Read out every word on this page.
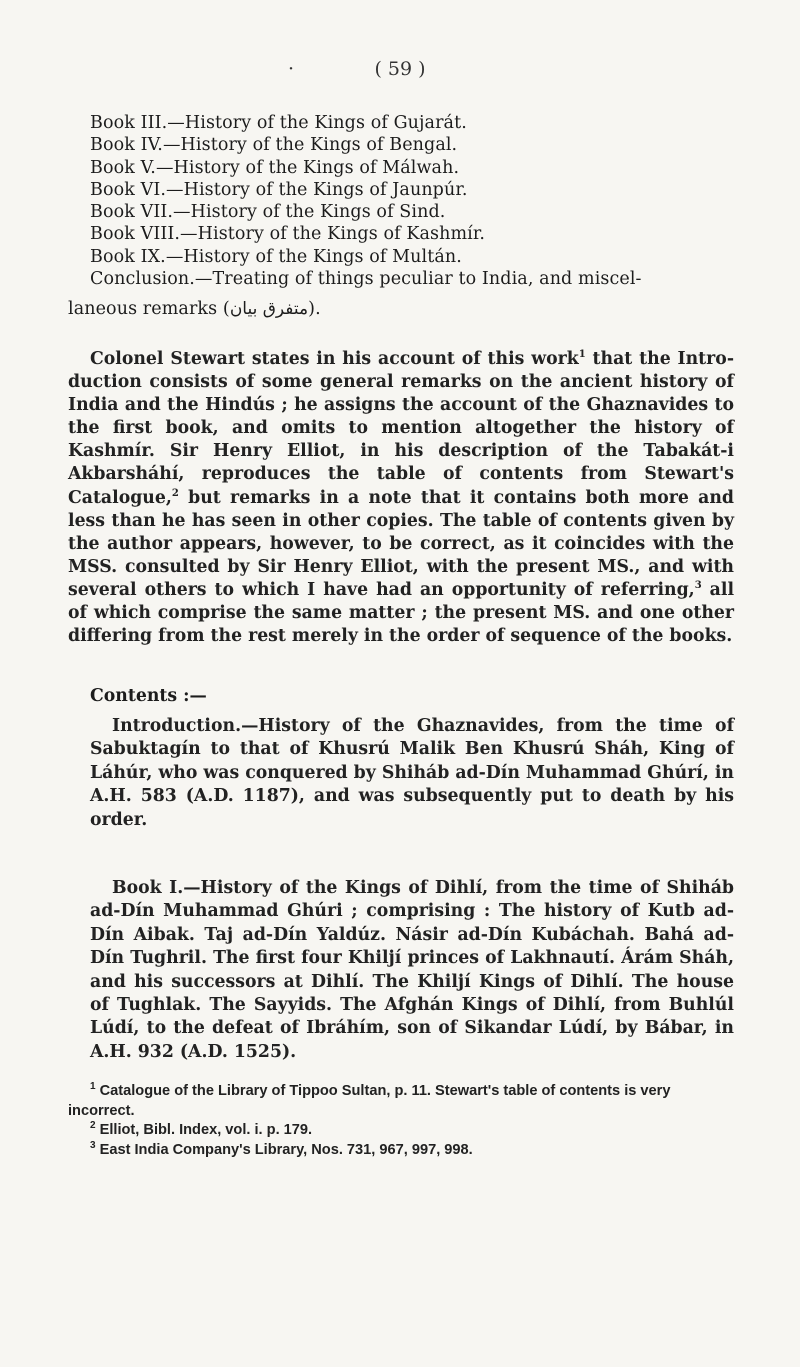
·	( 59 )
Book III.—History of the Kings of Gujarát.
Book IV.—History of the Kings of Bengal.
Book V.—History of the Kings of Málwah.
Book VI.—History of the Kings of Jaunpúr.
Book VII.—History of the Kings of Sind.
Book VIII.—History of the Kings of Kashmír.
Book IX.—History of the Kings of Multán.
Conclusion.—Treating of things peculiar to India, and miscel-
laneous remarks (متفرق بیان).

Colonel Stewart states in his account of this work$^1$ that the Introduction consists of some general remarks on the ancient history of India and the Hindús ; he assigns the account of the Ghaznavides to the first book, and omits to mention altogether the history of Kashmír. Sir Henry Elliot, in his description of the Tabakát-i Akbarsháhí, reproduces the table of contents from Stewart's Catalogue,$^2$ but remarks in a note that it contains both more and less than he has seen in other copies. The table of contents given by the author appears, however, to be correct, as it coincides with the MSS. consulted by Sir Henry Elliot, with the present MS., and with several others to which I have had an opportunity of referring,$^3$ all of which comprise the same matter ; the present MS. and one other differing from the rest merely in the order of sequence of the books.

Contents :—

Introduction.—History of the Ghaznavides, from the time of Sabuktagín to that of Khusrú Malik Ben Khusrú Sháh, King of Láhúr, who was conquered by Shiháb ad-Dín Muhammad Ghúrí, in A.H. 583 (A.D. 1187), and was subsequently put to death by his order.

Book I.—History of the Kings of Dihlí, from the time of Shiháb ad-Dín Muhammad Ghúri ; comprising : The history of Kutb ad-Dín Aibak. Taj ad-Dín Yaldúz. Násir ad-Dín Kubáchah. Bahá ad-Dín Tughril. The first four Khiljí princes of Lakhnautí. Árám Sháh, and his successors at Dihlí. The Khiljí Kings of Dihlí. The house of Tughlak. The Sayyids. The Afghán Kings of Dihlí, from Buhlúl Lúdí, to the defeat of Ibráhím, son of Sikandar Lúdí, by Bábar, in A.H. 932 (A.D. 1525).

$^1$ Catalogue of the Library of Tippoo Sultan, p. 11. Stewart's table of contents is very incorrect.
$^2$ Elliot, Bibl. Index, vol. i. p. 179.
$^3$ East India Company's Library, Nos. 731, 967, 997, 998.
